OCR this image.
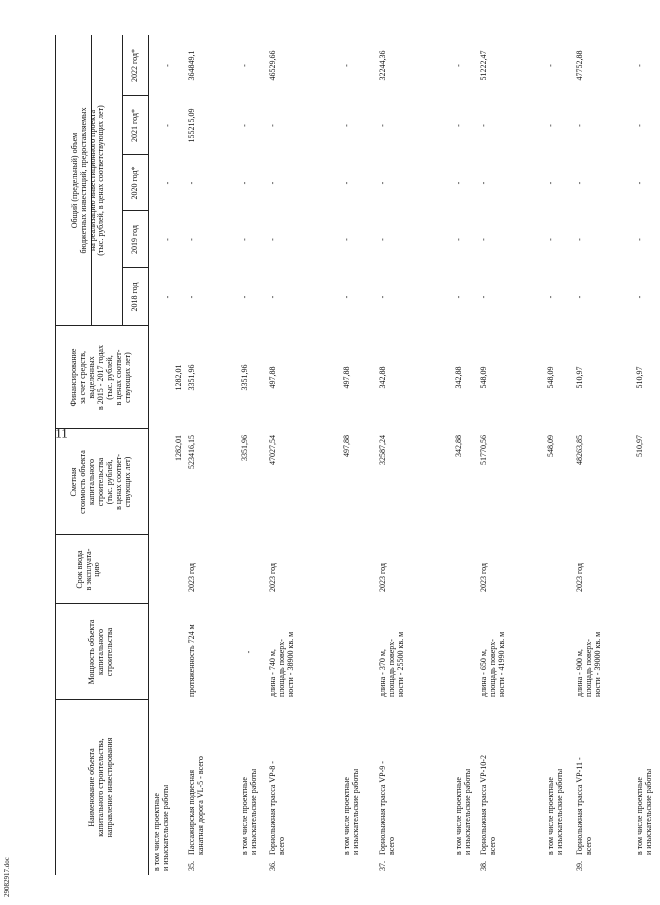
29082917.doc
11
Наименование объекта
капитального строительства,
направление инвестирования
Мощность объекта
капитального
строительства
Срок ввода
в эксплуата-
цию
Сметная
стоимость объекта
капитального
строительства
(тыс. рублей,
в ценах соответ-
ствующих лет)
Финансирование
за счет средств,
выделенных
в 2015 - 2017 годах
(тыс. рублей,
в ценах соответ-
ствующих лет)
Общий (предельный) объем
бюджетных инвестиций, предоставляемых
на реализацию инвестиционного проекта
(тыс. рублей, в ценах соответствующих лет)
2018 год
2019 год
2020 год*
2021 год*
2022 год*
в том числе проектные
и изыскательские работы
1282,01
1282,01
-
-
-
-
-
35.
Пассажирская подвесная
канатная дорога VL-5 - всего
протяженность 724 м
2023 год
523416,15
3351,96
-
-
-
155215,09
364849,1
в том числе проектные
и изыскательские работы
-
3351,96
3351,96
-
-
-
-
-
36.
Горнолыжная трасса VP-8 -
всего
длина - 740 м,
площадь поверх-
ности - 38900 кв. м
2023 год
47027,54
497,88
-
-
-
-
46529,66
в том числе проектные
и изыскательские работы
497,88
497,88
-
-
-
-
-
37.
Горнолыжная трасса VP-9 -
всего
длина - 370 м,
площадь поверх-
ности - 25500 кв. м
2023 год
32587,24
342,88
-
-
-
-
32244,36
в том числе проектные
и изыскательские работы
342,88
342,88
-
-
-
-
-
38.
Горнолыжная трасса VP-10-2
всего
длина - 650 м,
площадь поверх-
ности - 41990 кв. м
2023 год
51770,56
548,09
-
-
-
-
51222,47
в том числе проектные
и изыскательские работы
548,09
548,09
-
-
-
-
-
39.
Горнолыжная трасса VP-11 -
всего
длина - 900 м,
площадь поверх-
ности - 39000 кв. м
2023 год
48263,85
510,97
-
-
-
-
47752,88
в том числе проектные
и изыскательские работы
510,97
510,97
-
-
-
-
-
